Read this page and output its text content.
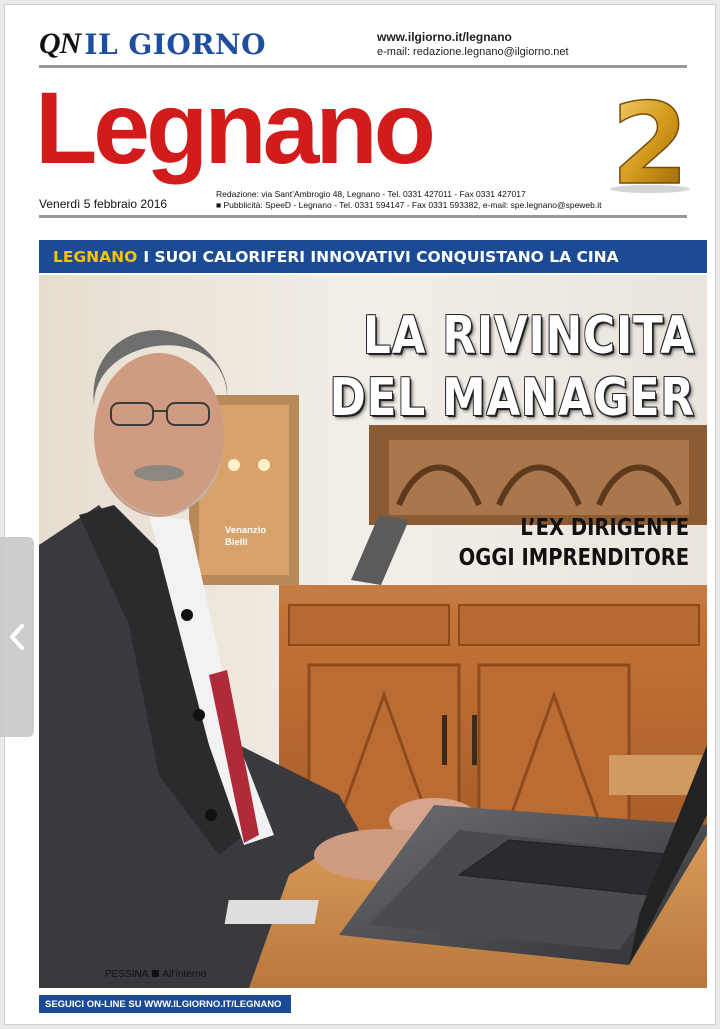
QN IL GIORNO	www.ilgiorno.it/legnano
e-mail: redazione.legnano@ilgiorno.net
Legnano 2
Venerdì 5 febbraio 2016
Redazione: via Sant’Ambrogio 48, Legnano - Tel. 0331 427011 - Fax 0331 427017
■ Pubblicità: SpeeD - Legnano - Tel. 0331 594147 - Fax 0331 593382, e-mail: spe.legnano@speweb.it
LEGNANO I SUOI CALORIFERI INNOVATIVI CONQUISTANO LA CINA
LA RIVINCITA
DEL MANAGER
L’EX DIRIGENTE
OGGI IMPRENDITORE
Venanzio
Bielli
PESSINA All’interno
SEGUICI ON-LINE SU WWW.ILGIORNO.IT/LEGNANO
